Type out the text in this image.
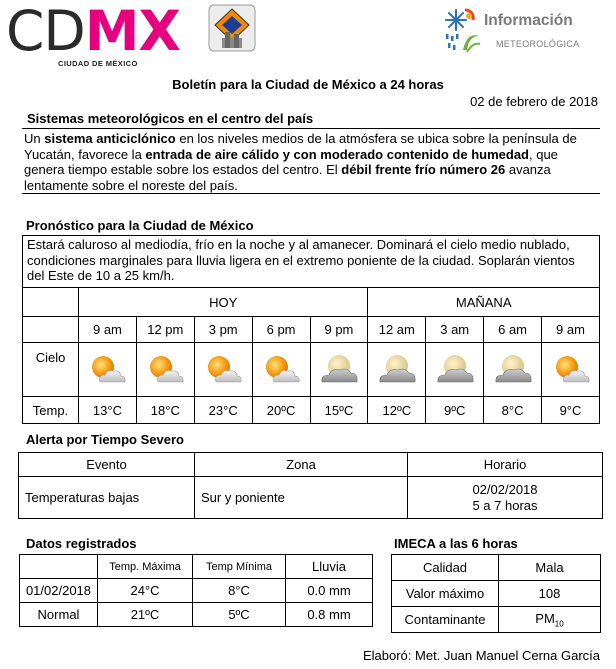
CDMX
CIUDAD DE MÉXICO
Información
METEOROLÓGICA
Boletín para la Ciudad de México a 24 horas
02 de febrero de 2018
Sistemas meteorológicos en el centro del país
Un sistema anticiclónico en los niveles medios de la atmósfera se ubica sobre la península de Yucatán, favorece la entrada de aire cálido y con moderado contenido de humedad, que genera tiempo estable sobre los estados del centro. El débil frente frío número 26 avanza lentamente sobre el noreste del país.
Pronóstico para la Ciudad de México
Estará caluroso al mediodía, frío en la noche y al amanecer. Dominará el cielo medio nublado, condiciones marginales para lluvia ligera en el extremo poniente de la ciudad. Soplarán vientos del Este de 10 a 25 km/h.
	HOY					MAÑANA			
	9 am	12 pm	3 pm	6 pm	9 pm	12 am	3 am	6 am	9 am
Cielo									
Temp.	13°C	18°C	23°C	20ºC	15ºC	12ºC	9ºC	8°C	9°C
Alerta por Tiempo Severo
Evento	Zona	Horario
Temperaturas bajas	Sur y poniente	02/02/2018
5 a 7 horas
Datos registrados
	Temp. Máxima	Temp Mínima	Lluvia
01/02/2018	24°C	8°C	0.0 mm
Normal	21ºC	5ºC	0.8 mm
IMECA a las 6 horas
Calidad	Mala
Valor máximo	108
Contaminante	$PM_{10}$
Elaboró: Met. Juan Manuel Cerna García
